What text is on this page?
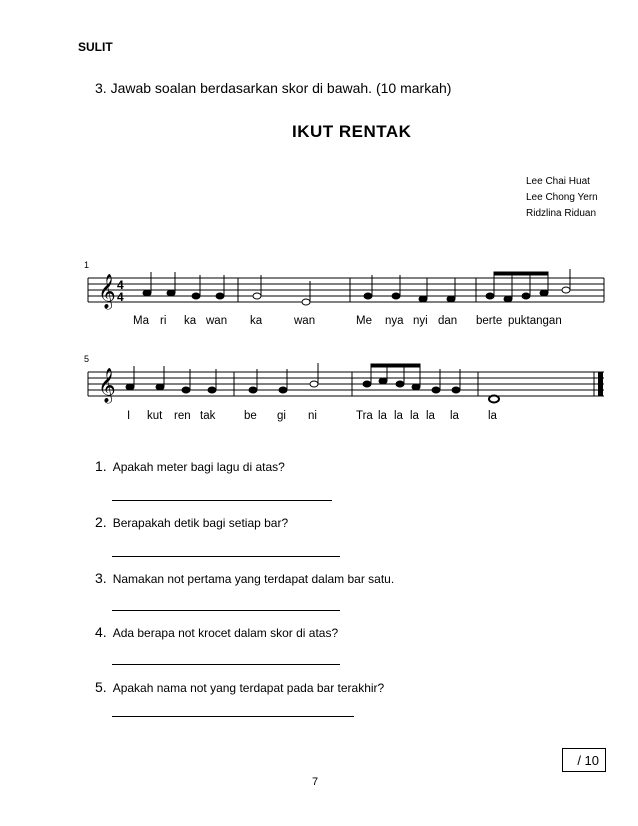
SULIT
3. Jawab soalan berdasarkan skor di bawah. (10 markah)
IKUT RENTAK
Lee Chai Huat
Lee Chong Yern
Ridzlina Riduan
𝄞
𝄞
1
5
4
4
Ma ri ka wan ka	wan	Me nya nyi dan berte puktangan
I kut ren tak be gi ni	Tra la la la la la	la
1. Apakah meter bagi lagu di atas?
2. Berapakah detik bagi setiap bar?
3. Namakan not pertama yang terdapat dalam bar satu.
4. Ada berapa not krocet dalam skor di atas?
5. Apakah nama not yang terdapat pada bar terakhir?
/ 10
7
